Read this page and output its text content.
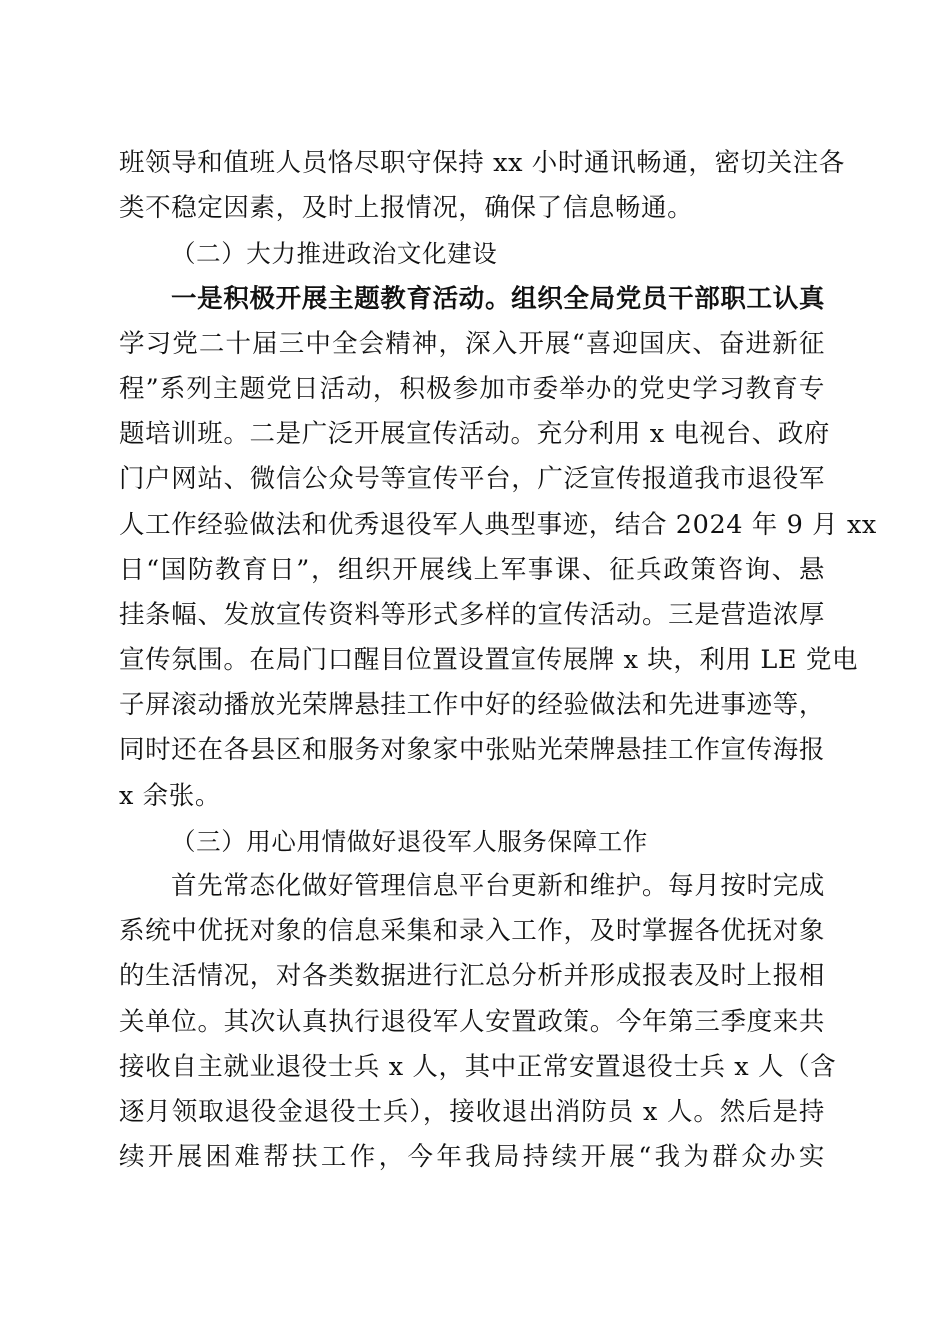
班领导和值班人员恪尽职守保持 xx 小时通讯畅通，密切关注各
类不稳定因素，及时上报情况，确保了信息畅通。
（二）大力推进政治文化建设
一是积极开展主题教育活动。组织全局党员干部职工认真
学习党二十届三中全会精神，深入开展“喜迎国庆、奋进新征
程”系列主题党日活动，积极参加市委举办的党史学习教育专
题培训班。二是广泛开展宣传活动。充分利用 x 电视台、政府
门户网站、微信公众号等宣传平台，广泛宣传报道我市退役军
人工作经验做法和优秀退役军人典型事迹，结合 2024 年 9 月 xx
日“国防教育日”，组织开展线上军事课、征兵政策咨询、悬
挂条幅、发放宣传资料等形式多样的宣传活动。三是营造浓厚
宣传氛围。在局门口醒目位置设置宣传展牌 x 块，利用 LE 党电
子屏滚动播放光荣牌悬挂工作中好的经验做法和先进事迹等，
同时还在各县区和服务对象家中张贴光荣牌悬挂工作宣传海报
x 余张。
（三）用心用情做好退役军人服务保障工作
首先常态化做好管理信息平台更新和维护。每月按时完成
系统中优抚对象的信息采集和录入工作，及时掌握各优抚对象
的生活情况，对各类数据进行汇总分析并形成报表及时上报相
关单位。其次认真执行退役军人安置政策。今年第三季度来共
接收自主就业退役士兵 x 人，其中正常安置退役士兵 x 人（含
逐月领取退役金退役士兵），接收退出消防员 x 人。然后是持
续开展困难帮扶工作，今年我局持续开展“我为群众办实
